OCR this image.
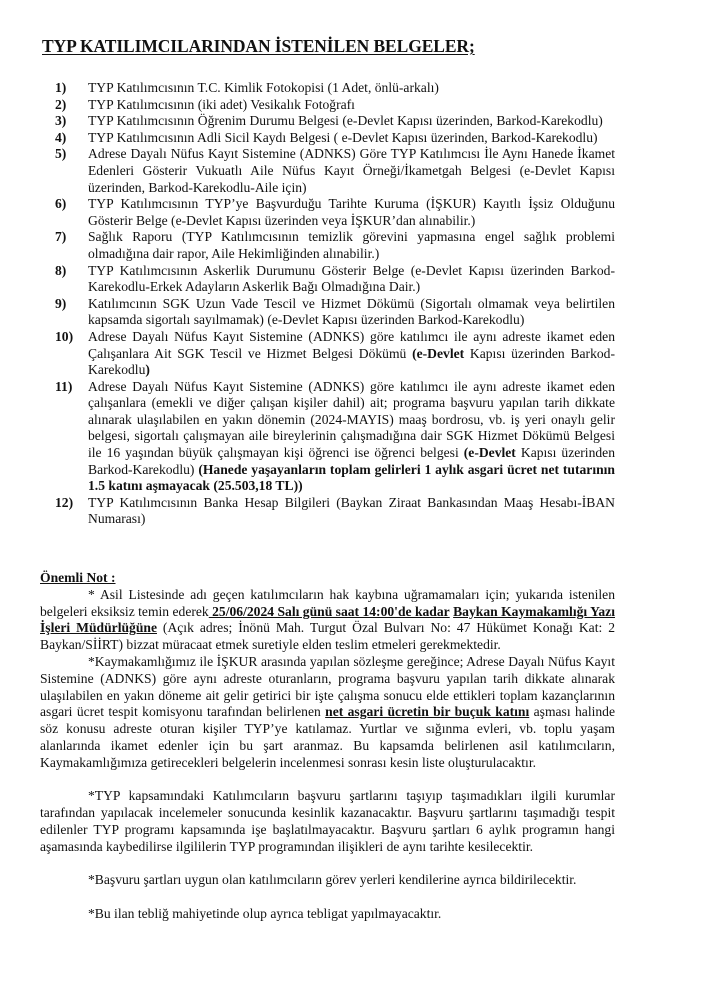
TYP KATILIMCILARINDAN İSTENİLEN BELGELER;
1)	TYP Katılımcısının T.C. Kimlik Fotokopisi (1 Adet, önlü-arkalı)
2)	TYP Katılımcısının (iki adet) Vesikalık Fotoğrafı
3)	TYP Katılımcısının Öğrenim Durumu Belgesi (e-Devlet Kapısı üzerinden, Barkod-Karekodlu)
4)	TYP Katılımcısının Adli Sicil Kaydı Belgesi ( e-Devlet Kapısı üzerinden, Barkod-Karekodlu)
5)	Adrese Dayalı Nüfus Kayıt Sistemine (ADNKS) Göre TYP Katılımcısı İle Aynı Hanede İkamet Edenleri Gösterir Vukuatlı Aile Nüfus Kayıt Örneği/İkametgah Belgesi (e-Devlet Kapısı üzerinden, Barkod-Karekodlu-Aile için)
6)	TYP Katılımcısının TYP’ye Başvurduğu Tarihte Kuruma (İŞKUR) Kayıtlı İşsiz Olduğunu Gösterir Belge (e-Devlet Kapısı üzerinden veya İŞKUR’dan alınabilir.)
7)	Sağlık Raporu (TYP Katılımcısının temizlik görevini yapmasına engel sağlık problemi olmadığına dair rapor, Aile Hekimliğinden alınabilir.)
8)	TYP Katılımcısının Askerlik Durumunu Gösterir Belge (e-Devlet Kapısı üzerinden Barkod-Karekodlu-Erkek Adayların Askerlik Bağı Olmadığına Dair.)
9)	Katılımcının SGK Uzun Vade Tescil ve Hizmet Dökümü (Sigortalı olmamak veya belirtilen kapsamda sigortalı sayılmamak) (e-Devlet Kapısı üzerinden Barkod-Karekodlu)
10)	Adrese Dayalı Nüfus Kayıt Sistemine (ADNKS) göre katılımcı ile aynı adreste ikamet eden Çalışanlara Ait SGK Tescil ve Hizmet Belgesi Dökümü (e-Devlet Kapısı üzerinden Barkod-Karekodlu)
11)	Adrese Dayalı Nüfus Kayıt Sistemine (ADNKS) göre katılımcı ile aynı adreste ikamet eden çalışanlara (emekli ve diğer çalışan kişiler dahil) ait; programa başvuru yapılan tarih dikkate alınarak ulaşılabilen en yakın dönemin (2024-MAYIS) maaş bordrosu, vb. iş yeri onaylı gelir belgesi, sigortalı çalışmayan aile bireylerinin çalışmadığına dair SGK Hizmet Dökümü Belgesi ile 16 yaşından büyük çalışmayan kişi öğrenci ise öğrenci belgesi (e-Devlet Kapısı üzerinden Barkod-Karekodlu) (Hanede yaşayanların toplam gelirleri 1 aylık asgari ücret net tutarının 1.5 katını aşmayacak (25.503,18 TL))
12)	TYP Katılımcısının Banka Hesap Bilgileri (Baykan Ziraat Bankasından Maaş Hesabı-İBAN Numarası)
Önemli Not :

* Asil Listesinde adı geçen katılımcıların hak kaybına uğramamaları için; yukarıda istenilen belgeleri eksiksiz temin ederek 25/06/2024 Salı günü saat 14:00'de kadar Baykan Kaymakamlığı Yazı İşleri Müdürlüğüne (Açık adres; İnönü Mah. Turgut Özal Bulvarı No: 47 Hükümet Konağı Kat: 2 Baykan/SİİRT) bizzat müracaat etmek suretiyle elden teslim etmeleri gerekmektedir.

*Kaymakamlığımız ile İŞKUR arasında yapılan sözleşme gereğince; Adrese Dayalı Nüfus Kayıt Sistemine (ADNKS) göre aynı adreste oturanların, programa başvuru yapılan tarih dikkate alınarak ulaşılabilen en yakın döneme ait gelir getirici bir işte çalışma sonucu elde ettikleri toplam kazançlarının asgari ücret tespit komisyonu tarafından belirlenen net asgari ücretin bir buçuk katını aşması halinde söz konusu adreste oturan kişiler TYP’ye katılamaz. Yurtlar ve sığınma evleri, vb. toplu yaşam alanlarında ikamet edenler için bu şart aranmaz. Bu kapsamda belirlenen asil katılımcıların, Kaymakamlığımıza getirecekleri belgelerin incelenmesi sonrası kesin liste oluşturulacaktır.

*TYP kapsamındaki Katılımcıların başvuru şartlarını taşıyıp taşımadıkları ilgili kurumlar tarafından yapılacak incelemeler sonucunda kesinlik kazanacaktır. Başvuru şartlarını taşımadığı tespit edilenler TYP programı kapsamında işe başlatılmayacaktır. Başvuru şartları 6 aylık programın hangi aşamasında kaybedilirse ilgililerin TYP programından ilişikleri de aynı tarihte kesilecektir.

*Başvuru şartları uygun olan katılımcıların görev yerleri kendilerine ayrıca bildirilecektir.

*Bu ilan tebliğ mahiyetinde olup ayrıca tebligat yapılmayacaktır.
